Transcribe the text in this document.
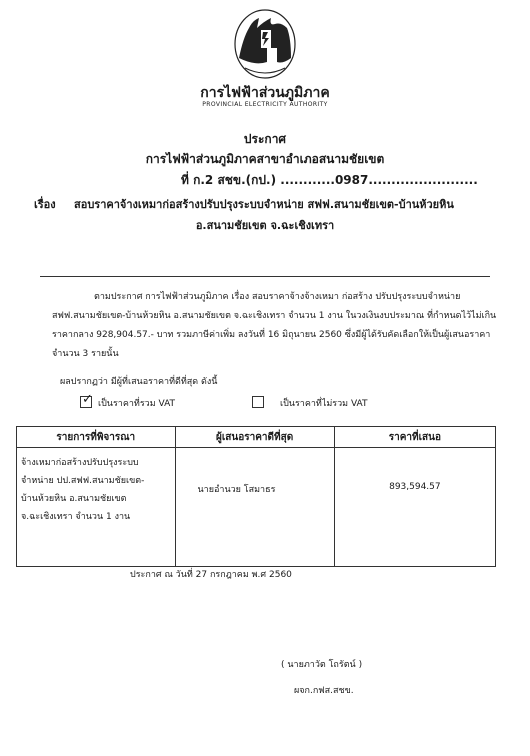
การไฟฟ้าส่วนภูมิภาค
PROVINCIAL ELECTRICITY AUTHORITY
ประกาศ
การไฟฟ้าส่วนภูมิภาคสาขาอำเภอสนามชัยเขต
ที่ ก.2 สชข.(กป.) ............0987........................
เรื่อง สอบราคาจ้างเหมาก่อสร้างปรับปรุงระบบจำหน่าย สฟฟ.สนามชัยเขต-บ้านห้วยหิน
อ.สนามชัยเขต จ.ฉะเชิงเทรา

ตามประกาศ การไฟฟ้าส่วนภูมิภาค เรื่อง สอบราคาจ้างจ้างเหมา ก่อสร้าง ปรับปรุงระบบจำหน่าย สฟฟ.สนามชัยเขต-บ้านห้วยหิน อ.สนามชัยเขต จ.ฉะเชิงเทรา จำนวน 1 งาน ในวงเงินงบประมาณ ที่กำหนดไว้ไม่เกินราคากลาง 928,904.57.- บาท รวมภาษีค่าเพิ่ม ลงวันที่ 16 มิถุนายน 2560 ซึ่งมีผู้ได้รับคัดเลือกให้เป็นผู้เสนอราคาจำนวน 3 รายนั้น

ผลปรากฏว่า มีผู้ที่เสนอราคาที่ดีที่สุด ดังนี้
✓ เป็นราคาที่รวม VAT	เป็นราคาที่ไม่รวม VAT
รายการที่พิจารณา	ผู้เสนอราคาดีที่สุด	ราคาที่เสนอ

จ้างเหมาก่อสร้างปรับปรุงระบบ
จำหน่าย ปป.สฟฟ.สนามชัยเขต-
บ้านห้วยหิน อ.สนามชัยเขต
จ.ฉะเชิงเทรา จำนวน 1 งาน	นายอำนวย โสมาธร	893,594.57
ประกาศ ณ วันที่ 27 กรกฎาคม พ.ศ 2560
( นายภาวัต โถรัตน์ )
ผจก.กฟส.สชข.
